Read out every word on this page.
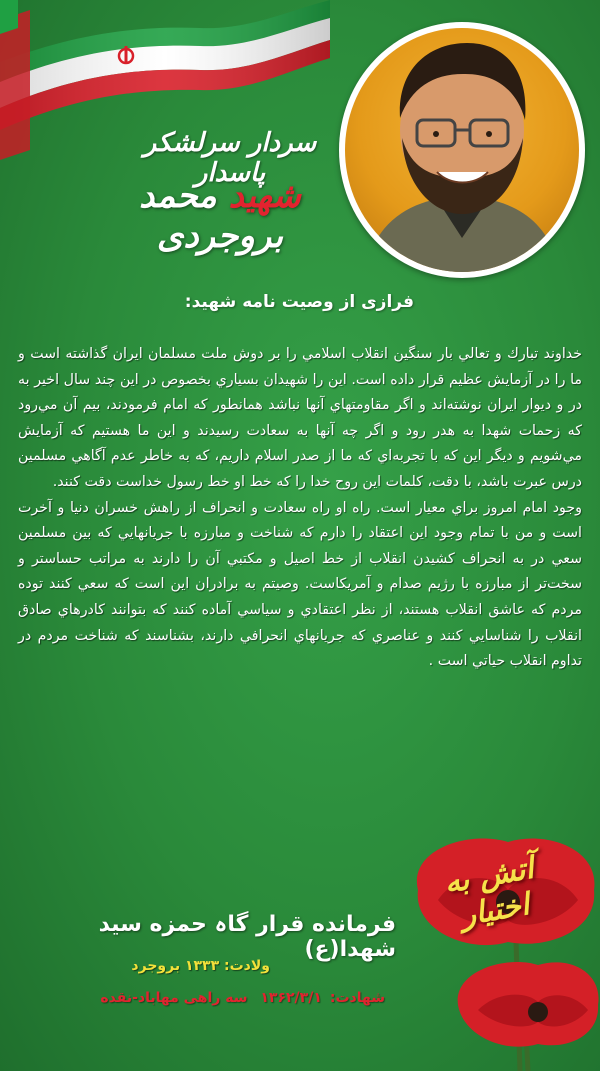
سردار سرلشکر پاسدار
شهید محمد بروجردی
فرازی از وصیت نامه شهید:

خداوند تبارك و تعالي بار سنگين انقلاب اسلامي را بر دوش ملت مسلمان ايران گذاشته است و ما را در آزمايش عظيم قرار داده است. اين را شهيدان بسياري بخصوص در اين چند سال اخير به در و ديوار ايران نوشته‌اند و اگر مقاومتهاي آنها نباشد همانطور كه امام فرمودند، بيم آن مي‌رود كه زحمات شهدا به هدر رود و اگر چه آنها به سعادت رسيدند و اين ما هستيم كه آزمايش مي‌شويم و ديگر اين كه با تجربه‌اي كه ما از صدر اسلام داريم، كه به خاطر عدم آگاهي مسلمين درس عبرت باشد، با دقت، كلمات اين روح خدا را كه خط او خط رسول خداست دقت كنند.

وجود امام امروز براي معيار است. راه او راه سعادت و انحراف از راهش خسران دنيا و آخرت است و من با تمام وجود اين اعتقاد را دارم كه شناخت و مبارزه با جريانهايي كه بين مسلمين سعي در به انحراف كشيدن انقلاب از خط اصيل و مكتبي آن را دارند به مراتب حساستر و سخت‌تر از مبارزه با رژيم صدام و آمريكاست. وصيتم به برادران اين است كه سعي كنند توده مردم كه عاشق انقلاب هستند، از نظر اعتقادي و سياسي آماده كنند كه بتوانند كادرهاي صادق انقلاب را شناسايي كنند و عناصري كه جريانهاي انحرافي دارند، بشناسند كه شناخت مردم در تداوم انقلاب حياتي است .

فرماندە قرار گاہ حمزە سید شهدا(ع)
ولادت: ۱۳۳۳ بروجرد
شهادت:۱۳۶۲/۳/۱ سه راهی مهاباد-نقده
آتش به اختیار
